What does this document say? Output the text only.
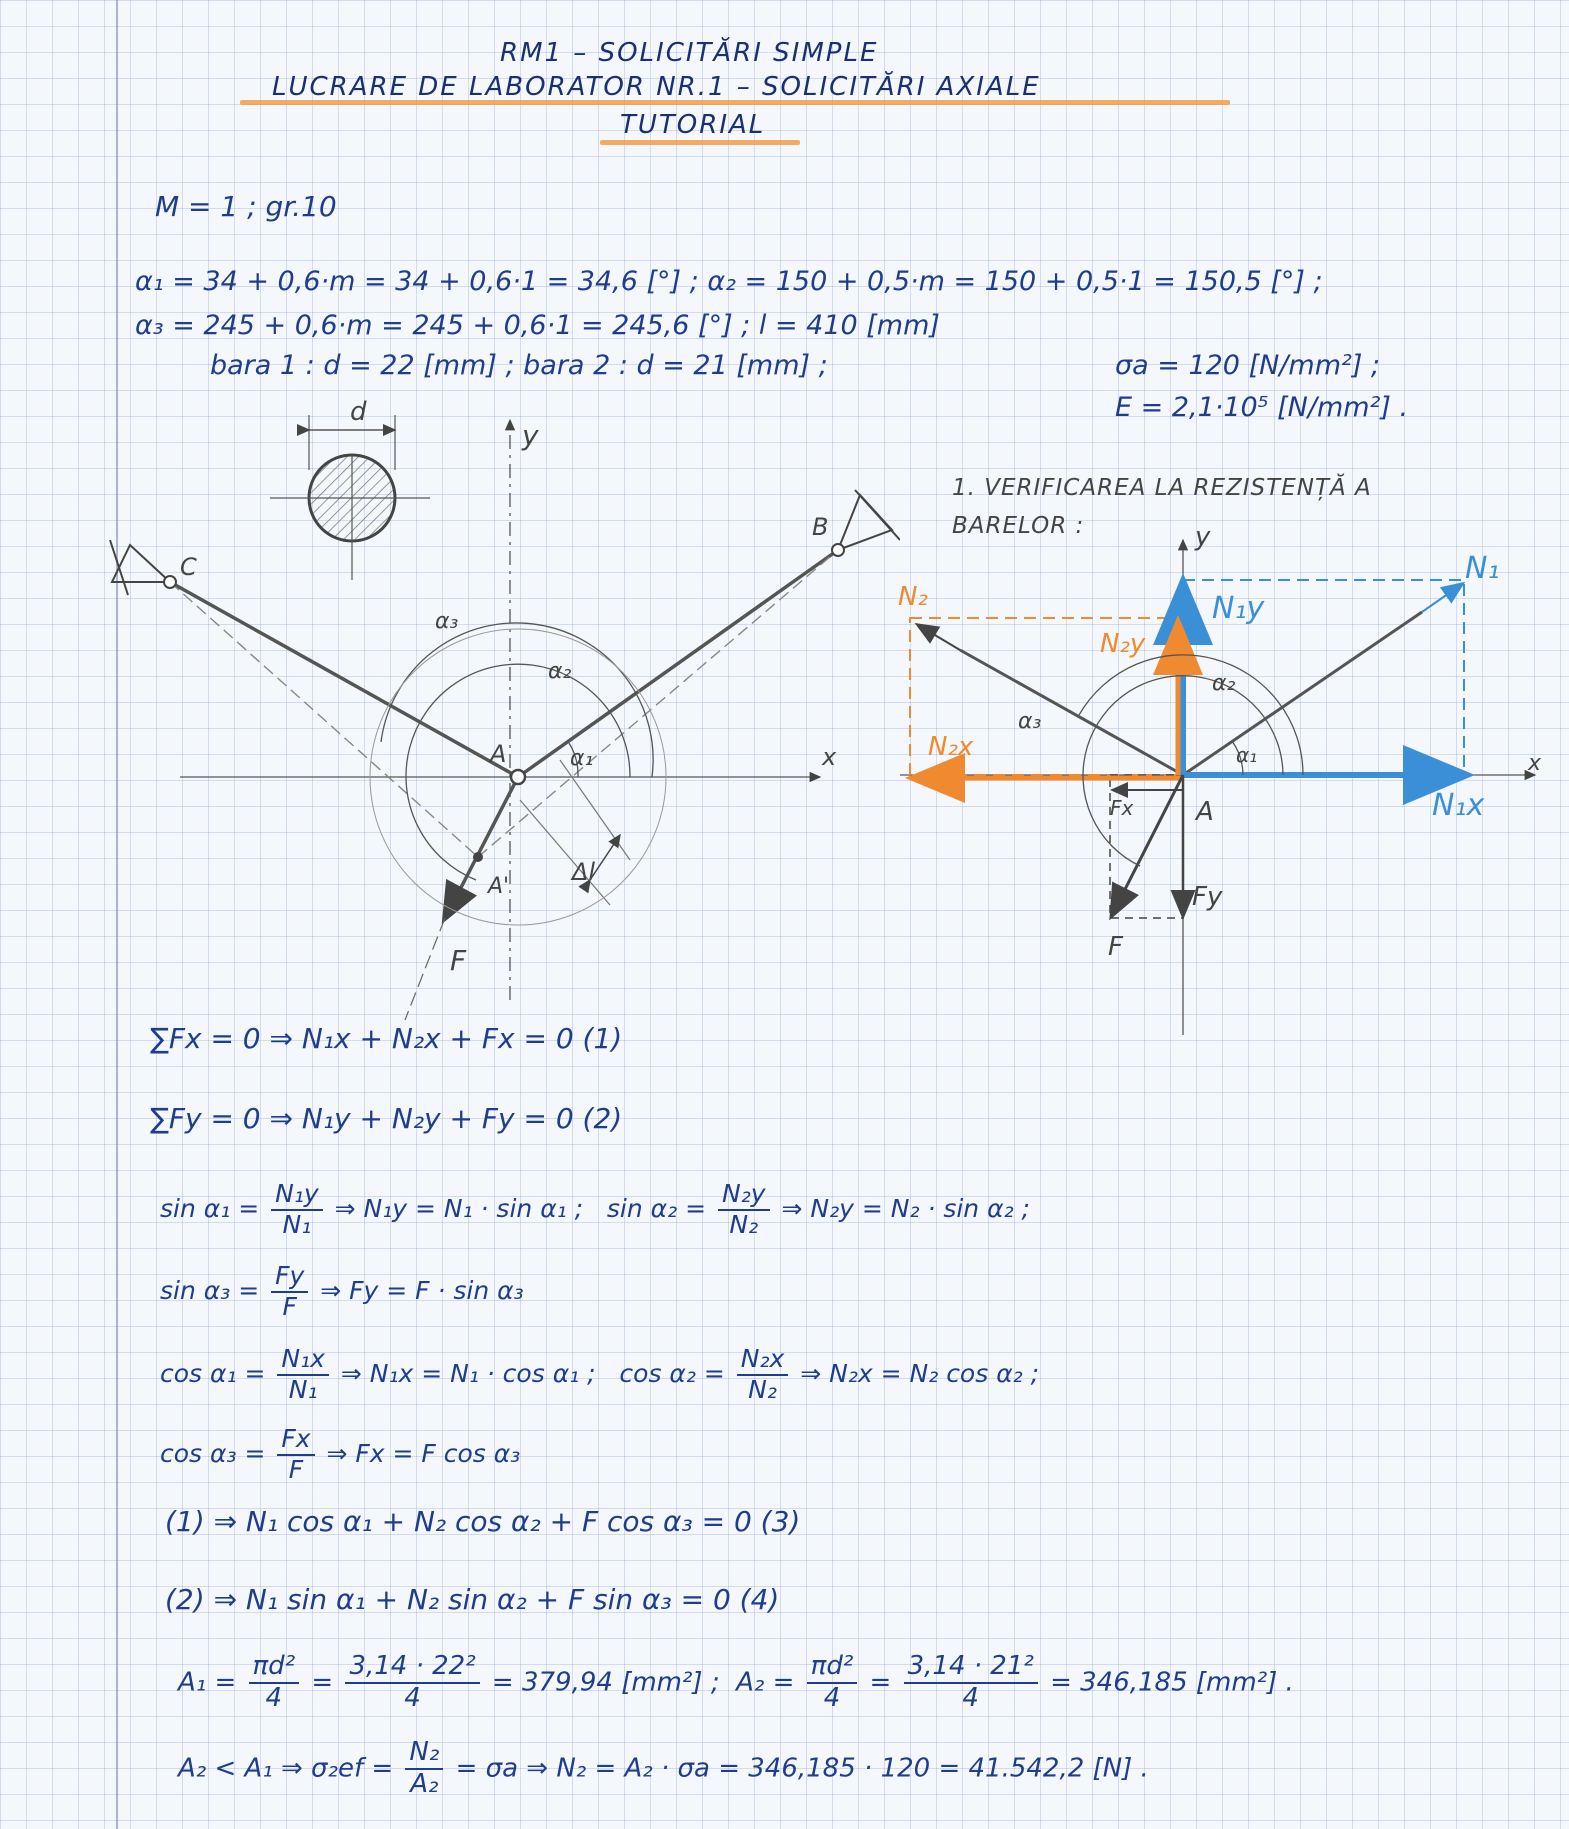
RM1 – SOLICITĂRI SIMPLE
LUCRARE DE LABORATOR NR.1 – SOLICITĂRI AXIALE
TUTORIAL
M = 1 ; gr.10
α₁ = 34 + 0,6·m = 34 + 0,6·1 = 34,6 [°] ; α₂ = 150 + 0,5·m = 150 + 0,5·1 = 150,5 [°] ;
α₃ = 245 + 0,6·m = 245 + 0,6·1 = 245,6 [°] ; l = 410 [mm]
bara 1 : d = 22 [mm] ; bara 2 : d = 21 [mm] ;	σa = 120 [N/mm²] ;
E = 2,1·10⁵ [N/mm²] .
d
y
x
A
A'
B
C
F
α₁
α₂
α₃
Δl
y
x
A
F
N₁
N₁y
N₁x
N₂
N₂y
N₂x
Fx
Fy
α₁
α₂
α₃
1. VERIFICAREA LA REZISTENȚĂ A
BARELOR :
∑Fx = 0 ⇒ N₁x + N₂x + Fx = 0 (1)
∑Fy = 0 ⇒ N₁y + N₂y + Fy = 0 (2)
$\sin \alpha_1 = \frac{\text{N₁y}}{\text{N₁}}$ ⇒ N₁y = N₁ · sin α₁ ; $\sin \alpha_2 = \frac{\text{N₂y}}{\text{N₂}}$ ⇒ N₂y = N₂ · sin α₂ ;
$\sin \alpha_3 = \frac{Fy}{F}$ ⇒ Fy = F · sin α₃
$\cos \alpha_1 = \frac{\text{N₁x}}{\text{N₁}}$ ⇒ N₁x = N₁ · cos α₁ ; $\cos \alpha_2 = \frac{\text{N₂x}}{\text{N₂}}$ ⇒ N₂x = N₂ cos α₂ ;
$\cos \alpha_3 = \frac{Fx}{F}$ ⇒ Fx = F cos α₃
(1) ⇒ N₁ cos α₁ + N₂ cos α₂ + F cos α₃ = 0 (3)
(2) ⇒ N₁ sin α₁ + N₂ sin α₂ + F sin α₃ = 0 (4)
$A_1 = \frac{\text{πd²}}{4} = \frac{\text{3,14 · 22²}}{4} = 379,94$ [mm²] ; $A_2 = \frac{\text{πd²}}{4} = \frac{\text{3,14 · 21²}}{4} = 346,185$ [mm²] .
A₂ < A₁ ⇒ $\sigma_2ef = \frac{\text{N₂}}{\text{A₂}} = \sigma a$ ⇒ N₂ = A₂ · σa = 346,185 · 120 = 41.542,2 [N] .
